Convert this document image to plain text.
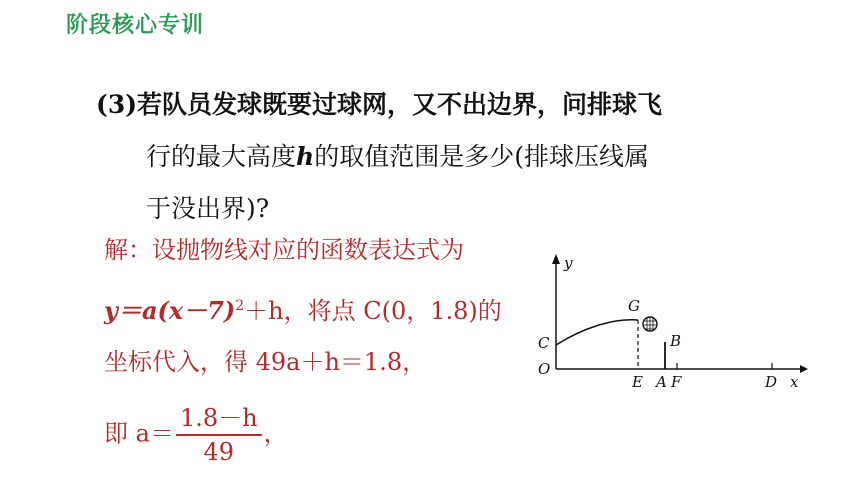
阶段核心专训
(3)若队员发球既要过球网，又不出边界，问排球飞
行的最大高度h的取值范围是多少(排球压线属
于没出界)?
解：设抛物线对应的函数表达式为
$y=a(x-7)^2+h$，将点 C(0，1.8)的
坐标代入，得 49a＋h＝1.8，
即 $a= \frac{1.8-h}{49}$ ，
y
x
G
C	B
O
E A F	D
